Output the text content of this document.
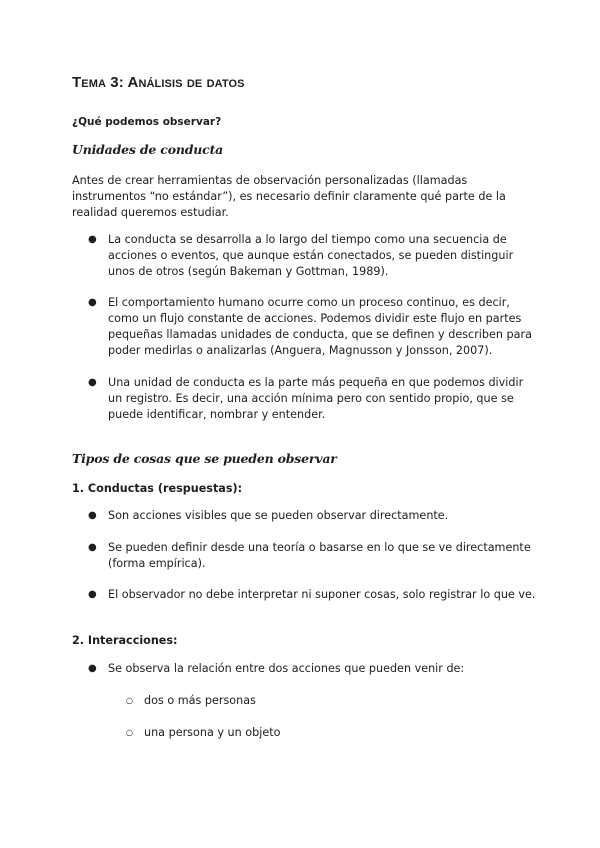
Tema 3: Análisis de datos

¿Qué podemos observar?

Unidades de conducta

Antes de crear herramientas de observación personalizadas (llamadas instrumentos “no estándar”), es necesario definir claramente qué parte de la realidad queremos estudiar.

●	La conducta se desarrolla a lo largo del tiempo como una secuencia de acciones o eventos, que aunque están conectados, se pueden distinguir unos de otros (según Bakeman y Gottman, 1989).
●	El comportamiento humano ocurre como un proceso continuo, es decir, como un flujo constante de acciones. Podemos dividir este flujo en partes pequeñas llamadas unidades de conducta, que se definen y describen para poder medirlas o analizarlas (Anguera, Magnusson y Jonsson, 2007).
●	Una unidad de conducta es la parte más pequeña en que podemos dividir un registro. Es decir, una acción mínima pero con sentido propio, que se puede identificar, nombrar y entender.
Tipos de cosas que se pueden observar

1. Conductas (respuestas):

●	Son acciones visibles que se pueden observar directamente.
●	Se pueden definir desde una teoría o basarse en lo que se ve directamente (forma empírica).
●	El observador no debe interpretar ni suponer cosas, solo registrar lo que ve.

2. Interacciones:

●	Se observa la relación entre dos acciones que pueden venir de:
○ dos o más personas
○ una persona y un objeto
